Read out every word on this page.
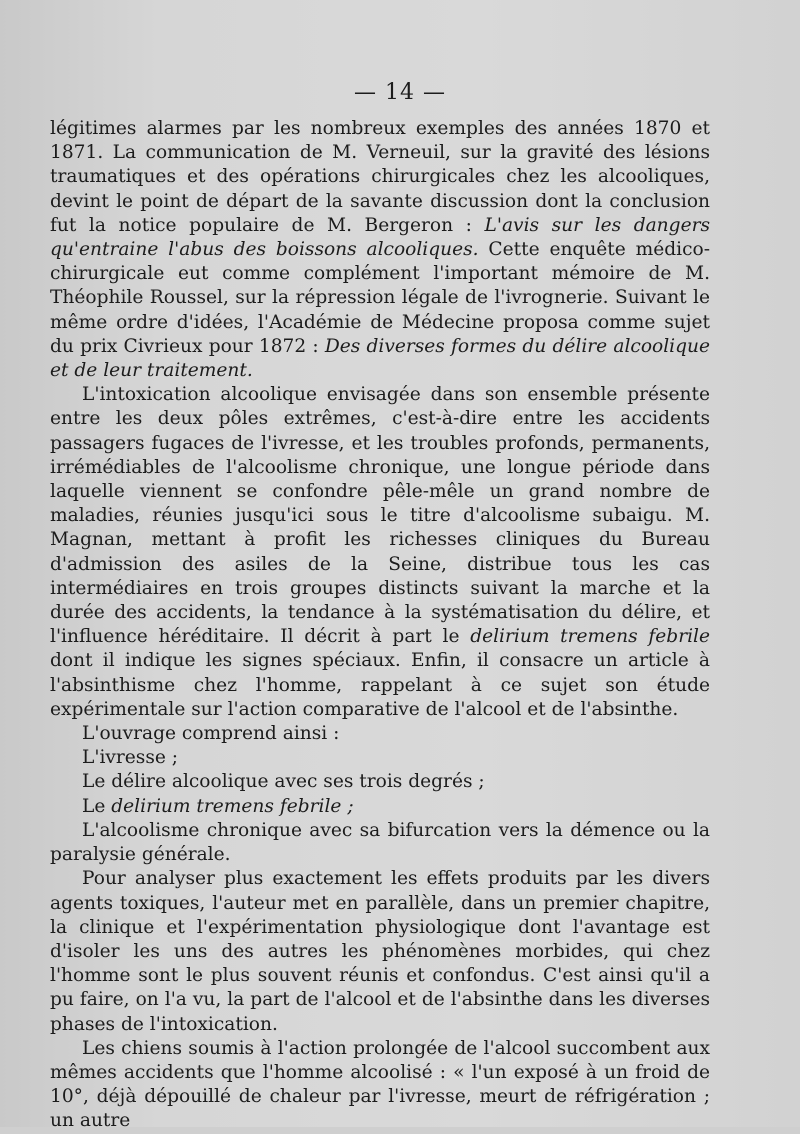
— 14 —

légitimes alarmes par les nombreux exemples des années 1870 et 1871. La communication de M. Verneuil, sur la gravité des lésions traumatiques et des opérations chirurgicales chez les alcooliques, devint le point de départ de la savante discussion dont la conclusion fut la notice populaire de M. Bergeron : L'avis sur les dangers qu'entraine l'abus des boissons alcooliques. Cette enquête médico-chirurgicale eut comme complément l'important mémoire de M. Théophile Roussel, sur la répression légale de l'ivrognerie. Suivant le même ordre d'idées, l'Académie de Médecine proposa comme sujet du prix Civrieux pour 1872 : Des diverses formes du délire alcoolique et de leur traitement.

L'intoxication alcoolique envisagée dans son ensemble présente entre les deux pôles extrêmes, c'est-à-dire entre les accidents passagers fugaces de l'ivresse, et les troubles profonds, permanents, irrémédiables de l'alcoolisme chronique, une longue période dans laquelle viennent se confondre pêle-mêle un grand nombre de maladies, réunies jusqu'ici sous le titre d'alcoolisme subaigu. M. Magnan, mettant à profit les richesses cliniques du Bureau d'admission des asiles de la Seine, distribue tous les cas intermédiaires en trois groupes distincts suivant la marche et la durée des accidents, la tendance à la systématisation du délire, et l'influence héréditaire. Il décrit à part le delirium tremens febrile dont il indique les signes spéciaux. Enfin, il consacre un article à l'absinthisme chez l'homme, rappelant à ce sujet son étude expérimentale sur l'action comparative de l'alcool et de l'absinthe.

L'ouvrage comprend ainsi :

L'ivresse ;

Le délire alcoolique avec ses trois degrés ;

Le delirium tremens febrile ;

L'alcoolisme chronique avec sa bifurcation vers la démence ou la paralysie générale.

Pour analyser plus exactement les effets produits par les divers agents toxiques, l'auteur met en parallèle, dans un premier chapitre, la clinique et l'expérimentation physiologique dont l'avantage est d'isoler les uns des autres les phénomènes morbides, qui chez l'homme sont le plus souvent réunis et confondus. C'est ainsi qu'il a pu faire, on l'a vu, la part de l'alcool et de l'absinthe dans les diverses phases de l'intoxication.

Les chiens soumis à l'action prolongée de l'alcool succombent aux mêmes accidents que l'homme alcoolisé : « l'un exposé à un froid de 10°, déjà dépouillé de chaleur par l'ivresse, meurt de réfrigération ; un autre
